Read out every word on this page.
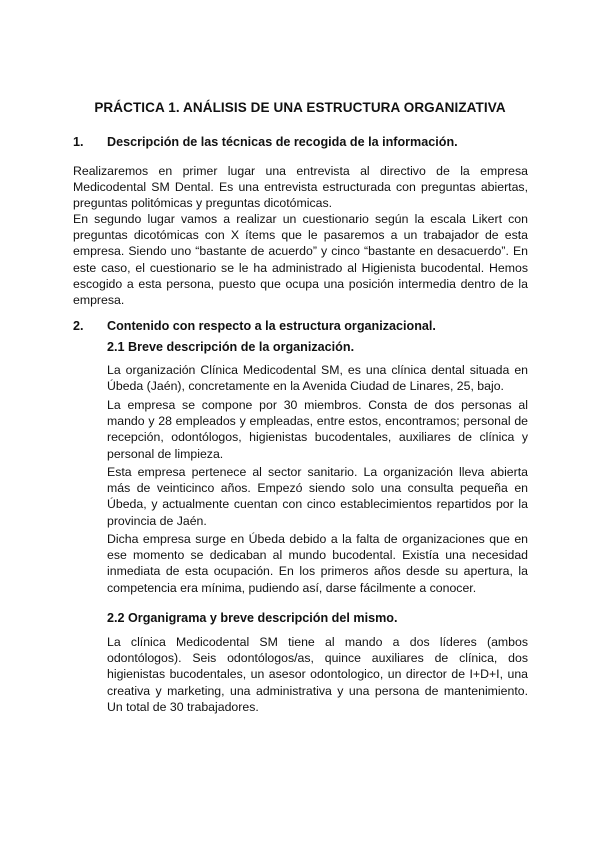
PRÁCTICA 1. ANÁLISIS DE UNA ESTRUCTURA ORGANIZATIVA
1. Descripción de las técnicas de recogida de la información.

Realizaremos en primer lugar una entrevista al directivo de la empresa Medicodental SM Dental. Es una entrevista estructurada con preguntas abiertas, preguntas politómicas y preguntas dicotómicas.

En segundo lugar vamos a realizar un cuestionario según la escala Likert con preguntas dicotómicas con X ítems que le pasaremos a un trabajador de esta empresa. Siendo uno “bastante de acuerdo” y cinco “bastante en desacuerdo”. En este caso, el cuestionario se le ha administrado al Higienista bucodental. Hemos escogido a esta persona, puesto que ocupa una posición intermedia dentro de la empresa.

2. Contenido con respecto a la estructura organizacional.
2.1 Breve descripción de la organización.

La organización Clínica Medicodental SM, es una clínica dental situada en Úbeda (Jaén), concretamente en la Avenida Ciudad de Linares, 25, bajo.

La empresa se compone por 30 miembros. Consta de dos personas al mando y 28 empleados y empleadas, entre estos, encontramos; personal de recepción, odontólogos, higienistas bucodentales, auxiliares de clínica y personal de limpieza.

Esta empresa pertenece al sector sanitario. La organización lleva abierta más de veinticinco años. Empezó siendo solo una consulta pequeña en Úbeda, y actualmente cuentan con cinco establecimientos repartidos por la provincia de Jaén.

Dicha empresa surge en Úbeda debido a la falta de organizaciones que en ese momento se dedicaban al mundo bucodental. Existía una necesidad inmediata de esta ocupación. En los primeros años desde su apertura, la competencia era mínima, pudiendo así, darse fácilmente a conocer.

2.2 Organigrama y breve descripción del mismo.

La clínica Medicodental SM tiene al mando a dos líderes (ambos odontólogos). Seis odontólogos/as, quince auxiliares de clínica, dos higienistas bucodentales, un asesor odontologico, un director de I+D+I, una creativa y marketing, una administrativa y una persona de mantenimiento. Un total de 30 trabajadores.
